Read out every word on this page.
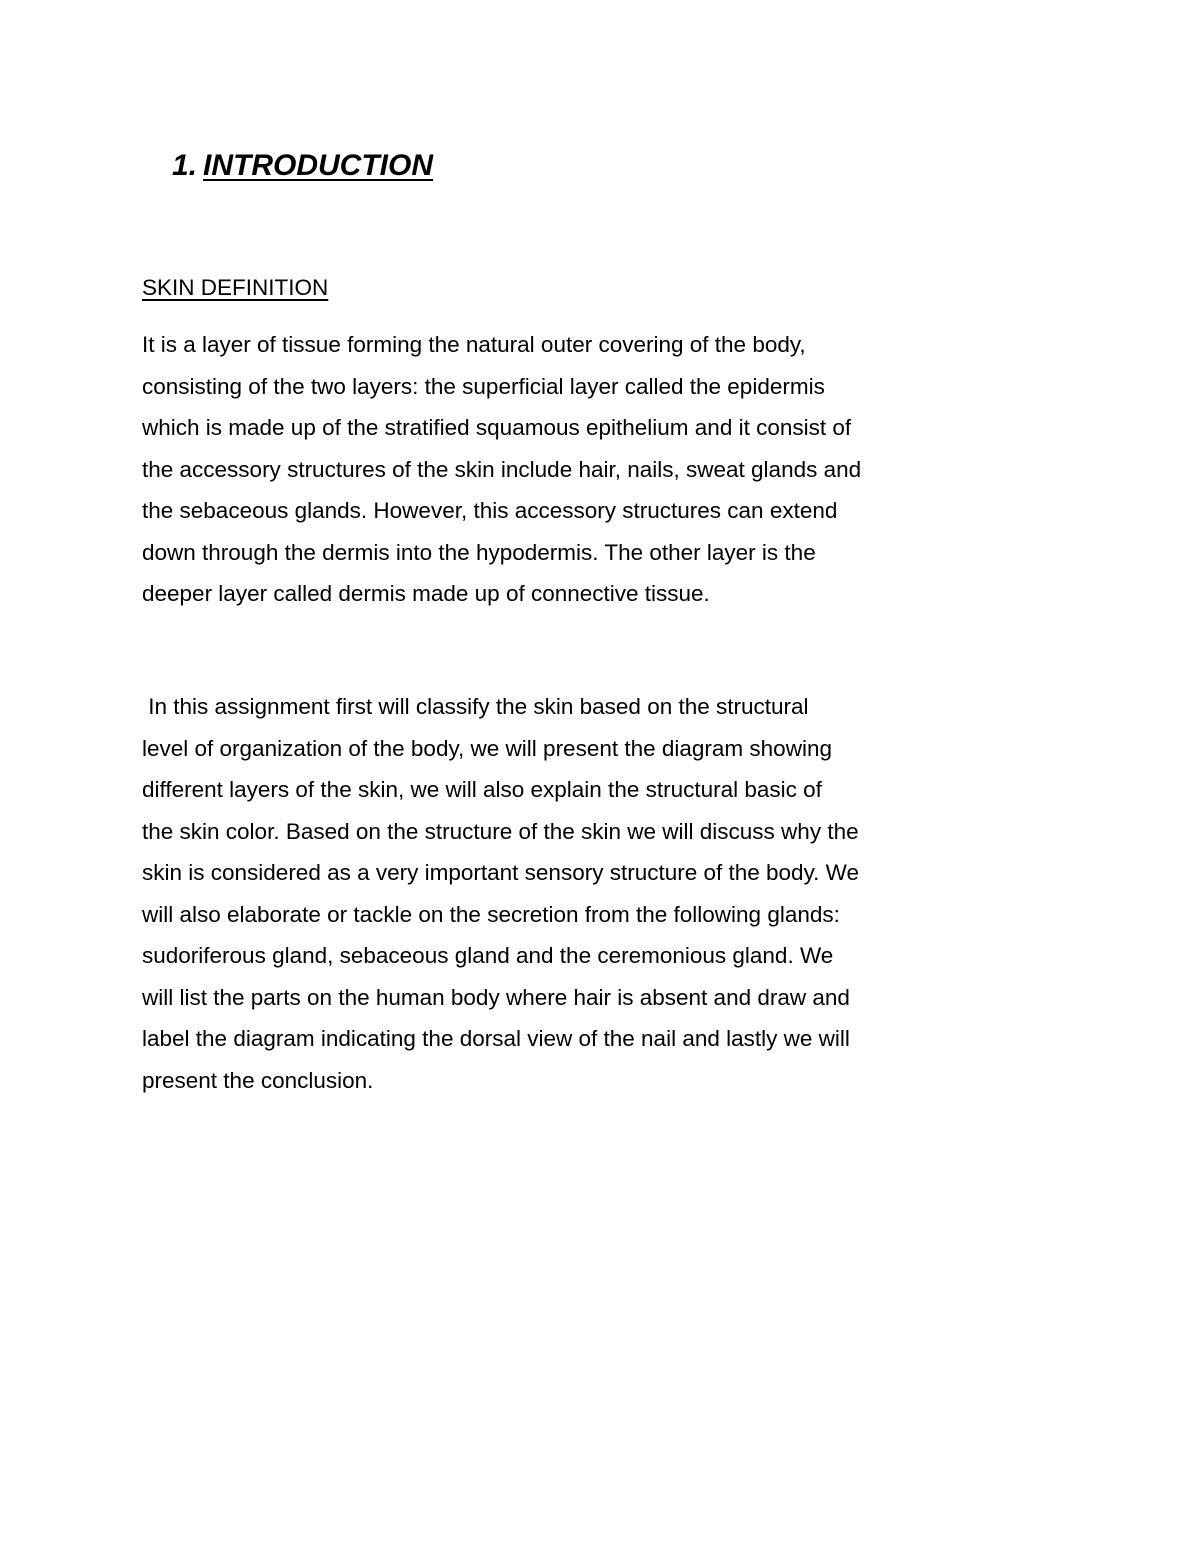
1. INTRODUCTION
SKIN DEFINITION
It is a layer of tissue forming the natural outer covering of the body,
consisting of the two layers: the superficial layer called the epidermis
which is made up of the stratified squamous epithelium and it consist of
the accessory structures of the skin include hair, nails, sweat glands and
the sebaceous glands. However, this accessory structures can extend
down through the dermis into the hypodermis. The other layer is the
deeper layer called dermis made up of connective tissue.
In this assignment first will classify the skin based on the structural
level of organization of the body, we will present the diagram showing
different layers of the skin, we will also explain the structural basic of
the skin color. Based on the structure of the skin we will discuss why the
skin is considered as a very important sensory structure of the body. We
will also elaborate or tackle on the secretion from the following glands:
sudoriferous gland, sebaceous gland and the ceremonious gland. We
will list the parts on the human body where hair is absent and draw and
label the diagram indicating the dorsal view of the nail and lastly we will
present the conclusion.
